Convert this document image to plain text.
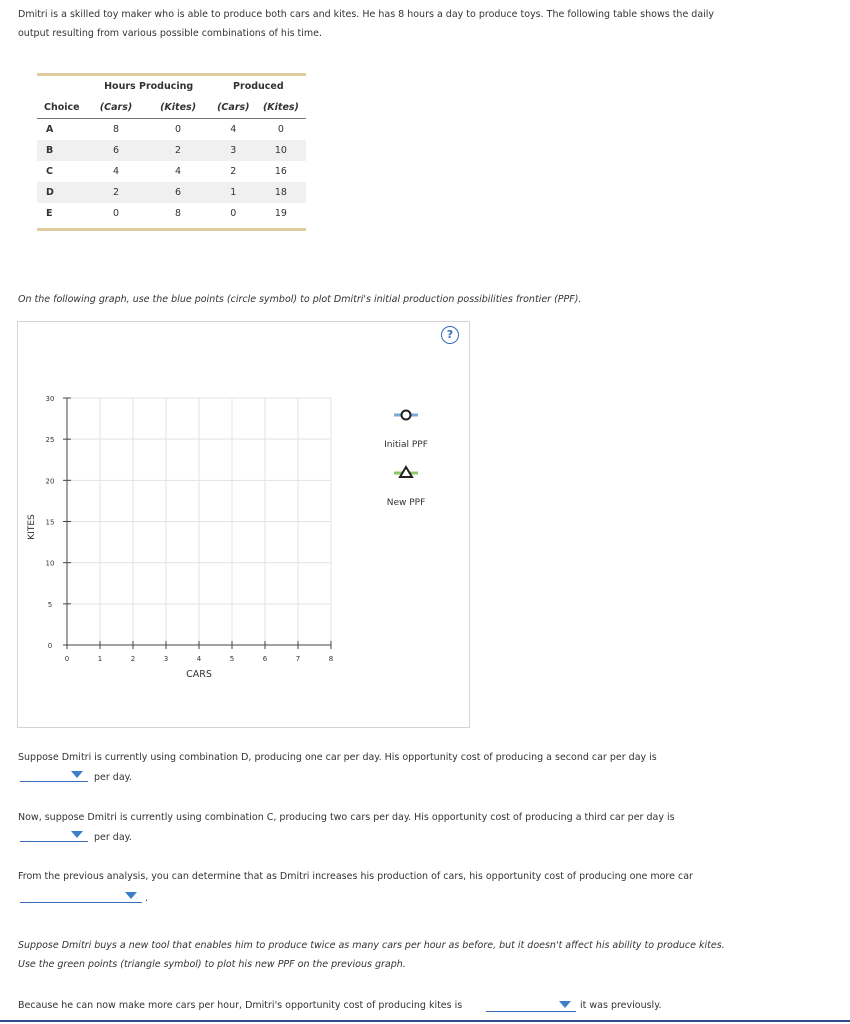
Dmitri is a skilled toy maker who is able to produce both cars and kites. He has 8 hours a day to produce toys. The following table shows the daily
output resulting from various possible combinations of his time.
	Hours Producing		Produced	
Choice	(Cars)	(Kites)	(Cars)	(Kites)
A	8	0	4	0
B	6	2	3	10
C	4	4	2	16
D	2	6	1	18
E	0	8	0	19
On the following graph, use the blue points (circle symbol) to plot Dmitri's initial production possibilities frontier (PPF).
?
0	1	2	3	4	5	6	7	8
0
5
10
15
20
25
30
KITES
CARS
Initial PPF
New PPF
Suppose Dmitri is currently using combination D, producing one car per day. His opportunity cost of producing a second car per day is
per day.
Now, suppose Dmitri is currently using combination C, producing two cars per day. His opportunity cost of producing a third car per day is
per day.
From the previous analysis, you can determine that as Dmitri increases his production of cars, his opportunity cost of producing one more car
.
Suppose Dmitri buys a new tool that enables him to produce twice as many cars per hour as before, but it doesn't affect his ability to produce kites.
Use the green points (triangle symbol) to plot his new PPF on the previous graph.
Because he can now make more cars per hour, Dmitri's opportunity cost of producing kites is	it was previously.
